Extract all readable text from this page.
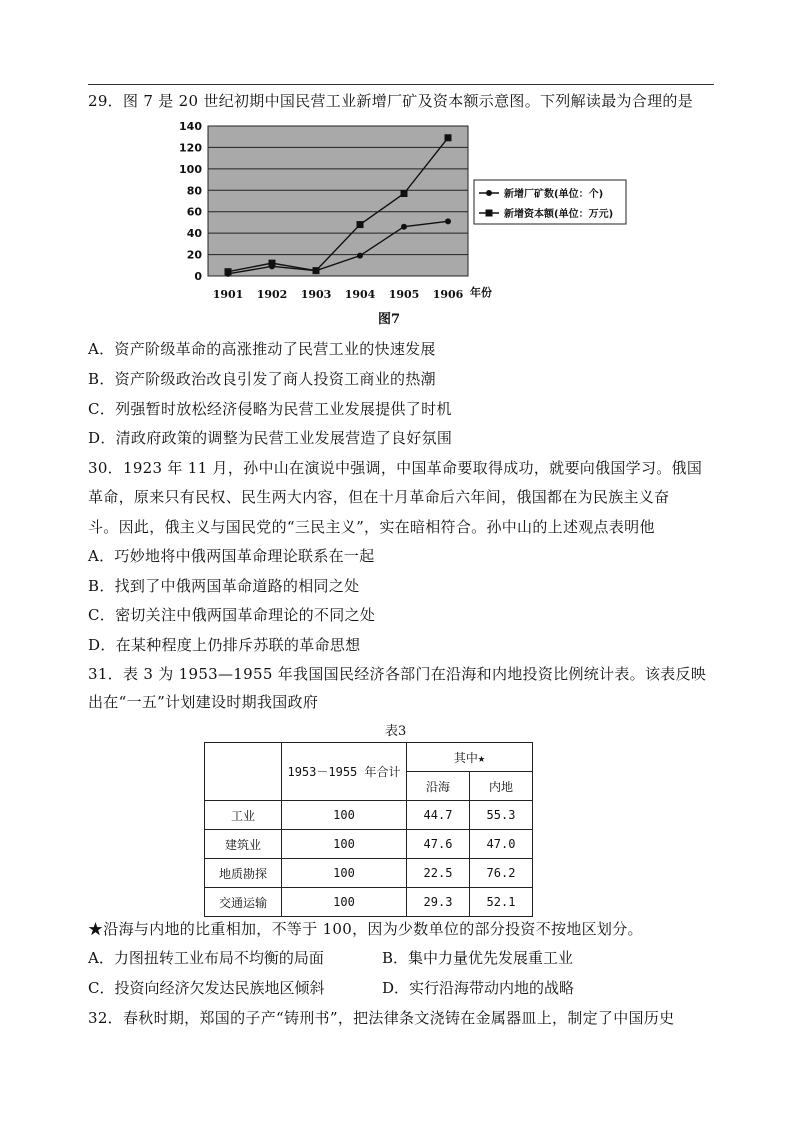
29．图 7 是 20 世纪初期中国民营工业新增厂矿及资本额示意图。下列解读最为合理的是
0
20
40
60
80
100
120
140
1901 1902 1903 1904 1905 1906 年份
新增厂矿数(单位：个)
新增资本额(单位：万元)
图7
A．资产阶级革命的高涨推动了民营工业的快速发展
B．资产阶级政治改良引发了商人投资工商业的热潮
C．列强暂时放松经济侵略为民营工业发展提供了时机
D．清政府政策的调整为民营工业发展营造了良好氛围
30．1923 年 11 月，孙中山在演说中强调，中国革命要取得成功，就要向俄国学习。俄国
革命，原来只有民权、民生两大内容，但在十月革命后六年间，俄国都在为民族主义奋
斗。因此，俄主义与国民党的“三民主义”，实在暗相符合。孙中山的上述观点表明他
A．巧妙地将中俄两国革命理论联系在一起
B．找到了中俄两国革命道路的相同之处
C．密切关注中俄两国革命理论的不同之处
D．在某种程度上仍排斥苏联的革命思想
31．表 3 为 1953—1955 年我国国民经济各部门在沿海和内地投资比例统计表。该表反映
出在“一五”计划建设时期我国政府
表3
	1953－1955 年合计	其中★	
		沿海	内地
工业	100	44.7	55.3
建筑业	100	47.6	47.0
地质勘探	100	22.5	76.2
交通运输	100	29.3	52.1
★沿海与内地的比重相加，不等于 100，因为少数单位的部分投资不按地区划分。
A．力图扭转工业布局不均衡的局面	B．集中力量优先发展重工业
C．投资向经济欠发达民族地区倾斜	D．实行沿海带动内地的战略
32．春秋时期，郑国的子产“铸刑书”，把法律条文浇铸在金属器皿上，制定了中国历史
